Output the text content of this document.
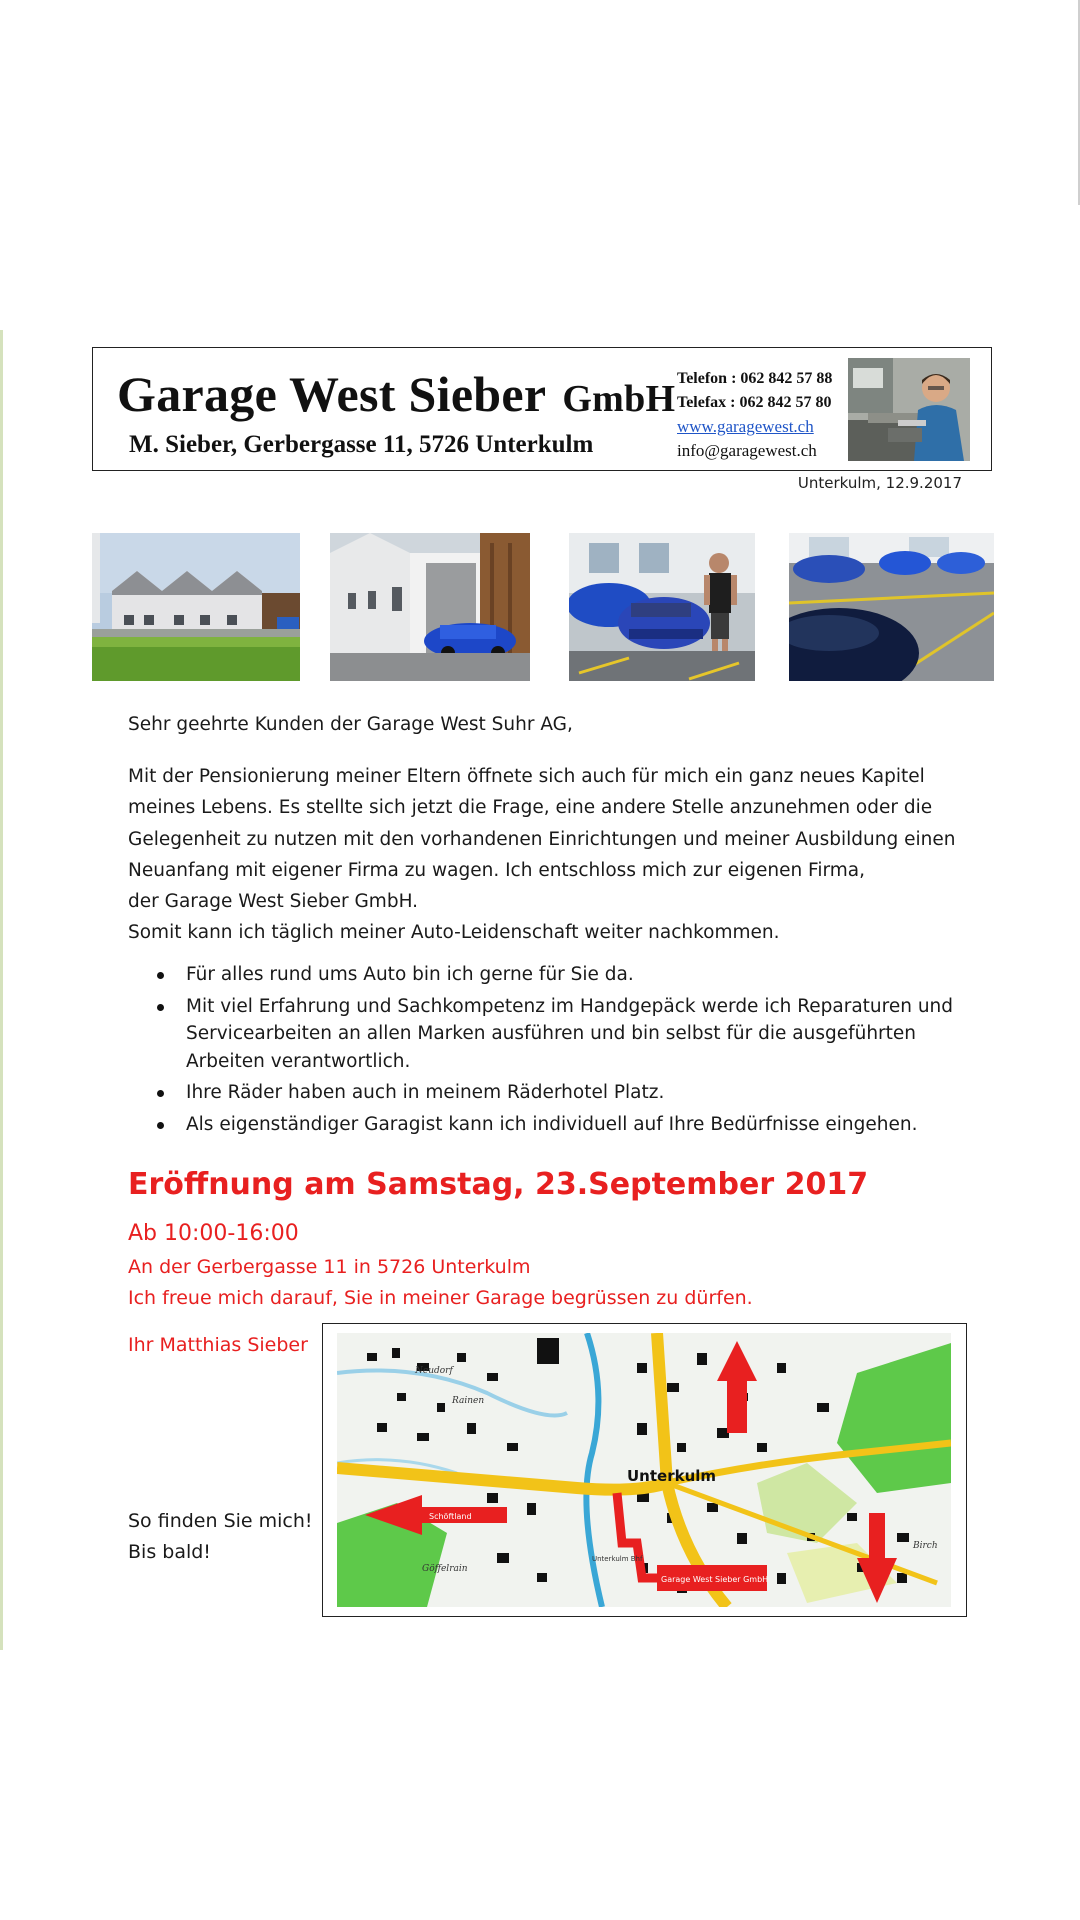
Garage West Sieber GmbH
M. Sieber, Gerbergasse 11, 5726 Unterkulm
Telefon : 062 842 57 88
Telefax : 062 842 57 80
www.garagewest.ch
info@garagewest.ch
Unterkulm, 12.9.2017
Sehr geehrte Kunden der Garage West Suhr AG,
Mit der Pensionierung meiner Eltern öffnete sich auch für mich ein ganz neues Kapitel
meines Lebens. Es stellte sich jetzt die Frage, eine andere Stelle anzunehmen oder die
Gelegenheit zu nutzen mit den vorhandenen Einrichtungen und meiner Ausbildung einen
Neuanfang mit eigener Firma zu wagen. Ich entschloss mich zur eigenen Firma,
der Garage West Sieber GmbH.
Somit kann ich täglich meiner Auto-Leidenschaft weiter nachkommen.
Für alles rund ums Auto bin ich gerne für Sie da.
Mit viel Erfahrung und Sachkompetenz im Handgepäck werde ich Reparaturen und
Servicearbeiten an allen Marken ausführen und bin selbst für die ausgeführten
Arbeiten verantwortlich.
Ihre Räder haben auch in meinem Räderhotel Platz.
Als eigenständiger Garagist kann ich individuell auf Ihre Bedürfnisse eingehen.
Eröffnung am Samstag, 23.September 2017
Ab 10:00-16:00
An der Gerbergasse 11 in 5726 Unterkulm
Ich freue mich darauf, Sie in meiner Garage begrüssen zu dürfen.
Ihr Matthias Sieber
So finden Sie mich!
Bis bald!
Unterkulm
Garage West Sieber GmbH
Schöftland
Neudorf
Rainen
Göffelrain
Birch
Unterkulm Bhf
